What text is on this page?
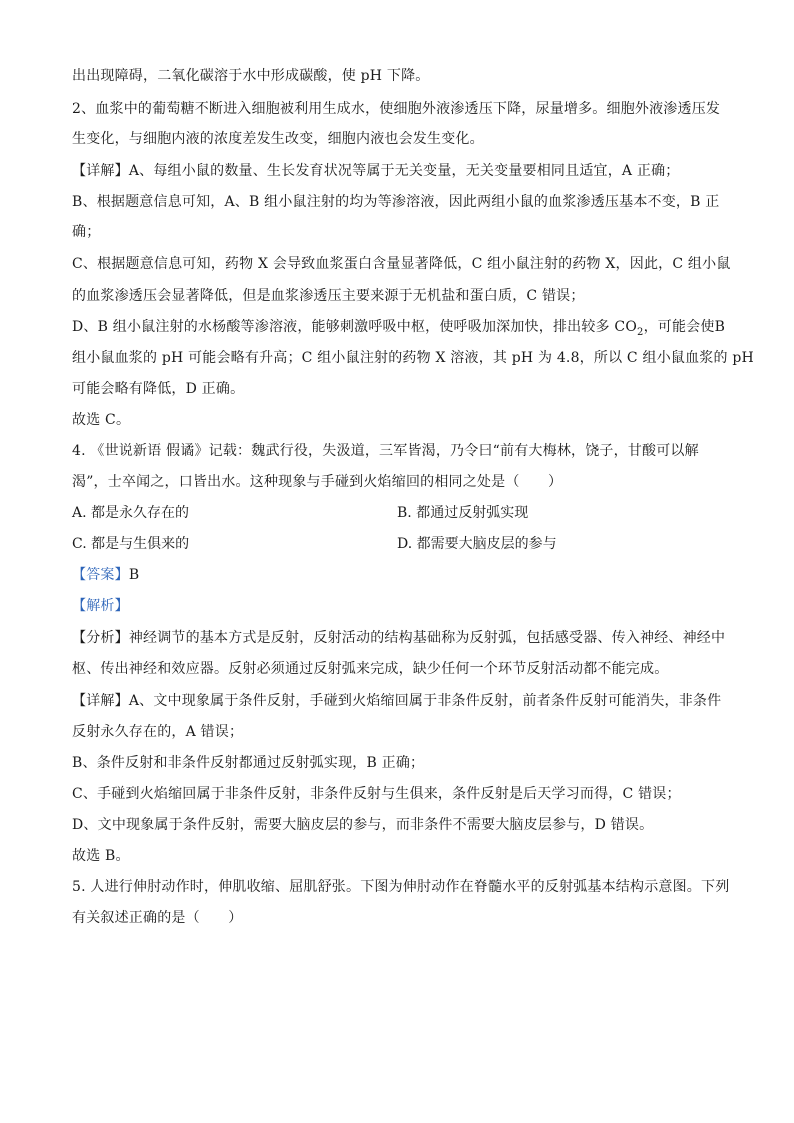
出出现障碍，二氧化碳溶于水中形成碳酸，使 pH 下降。
2、血浆中的葡萄糖不断进入细胞被利用生成水，使细胞外液渗透压下降，尿量增多。细胞外液渗透压发
生变化，与细胞内液的浓度差发生改变，细胞内液也会发生变化。
【详解】A、每组小鼠的数量、生长发育状况等属于无关变量，无关变量要相同且适宜，A 正确；
B、根据题意信息可知，A、B 组小鼠注射的均为等渗溶液，因此两组小鼠的血浆渗透压基本不变，B 正
确；
C、根据题意信息可知，药物 X 会导致血浆蛋白含量显著降低，C 组小鼠注射的药物 X，因此，C 组小鼠
的血浆渗透压会显著降低，但是血浆渗透压主要来源于无机盐和蛋白质，C 错误；
D、B 组小鼠注射的水杨酸等渗溶液，能够刺激呼吸中枢，使呼吸加深加快，排出较多 $CO_2$，可能会使B
组小鼠血浆的 pH 可能会略有升高；C 组小鼠注射的药物 X 溶液，其 pH 为 4.8，所以 C 组小鼠血浆的 pH
可能会略有降低，D 正确。
故选 C。
4. 《世说新语 假谲》记载：魏武行役，失汲道，三军皆渴，乃令曰“前有大梅林，饶子，甘酸可以解
渴”，士卒闻之，口皆出水。这种现象与手碰到火焰缩回的相同之处是（　　）
A. 都是永久存在的	B. 都通过反射弧实现
C. 都是与生俱来的	D. 都需要大脑皮层的参与
【答案】B
【解析】
【分析】神经调节的基本方式是反射，反射活动的结构基础称为反射弧，包括感受器、传入神经、神经中
枢、传出神经和效应器。反射必须通过反射弧来完成，缺少任何一个环节反射活动都不能完成。
【详解】A、文中现象属于条件反射，手碰到火焰缩回属于非条件反射，前者条件反射可能消失，非条件
反射永久存在的，A 错误；
B、条件反射和非条件反射都通过反射弧实现，B 正确；
C、手碰到火焰缩回属于非条件反射，非条件反射与生俱来，条件反射是后天学习而得，C 错误；
D、文中现象属于条件反射，需要大脑皮层的参与，而非条件不需要大脑皮层参与，D 错误。
故选 B。
5. 人进行伸肘动作时，伸肌收缩、屈肌舒张。下图为伸肘动作在脊髓水平的反射弧基本结构示意图。下列
有关叙述正确的是（　　）
